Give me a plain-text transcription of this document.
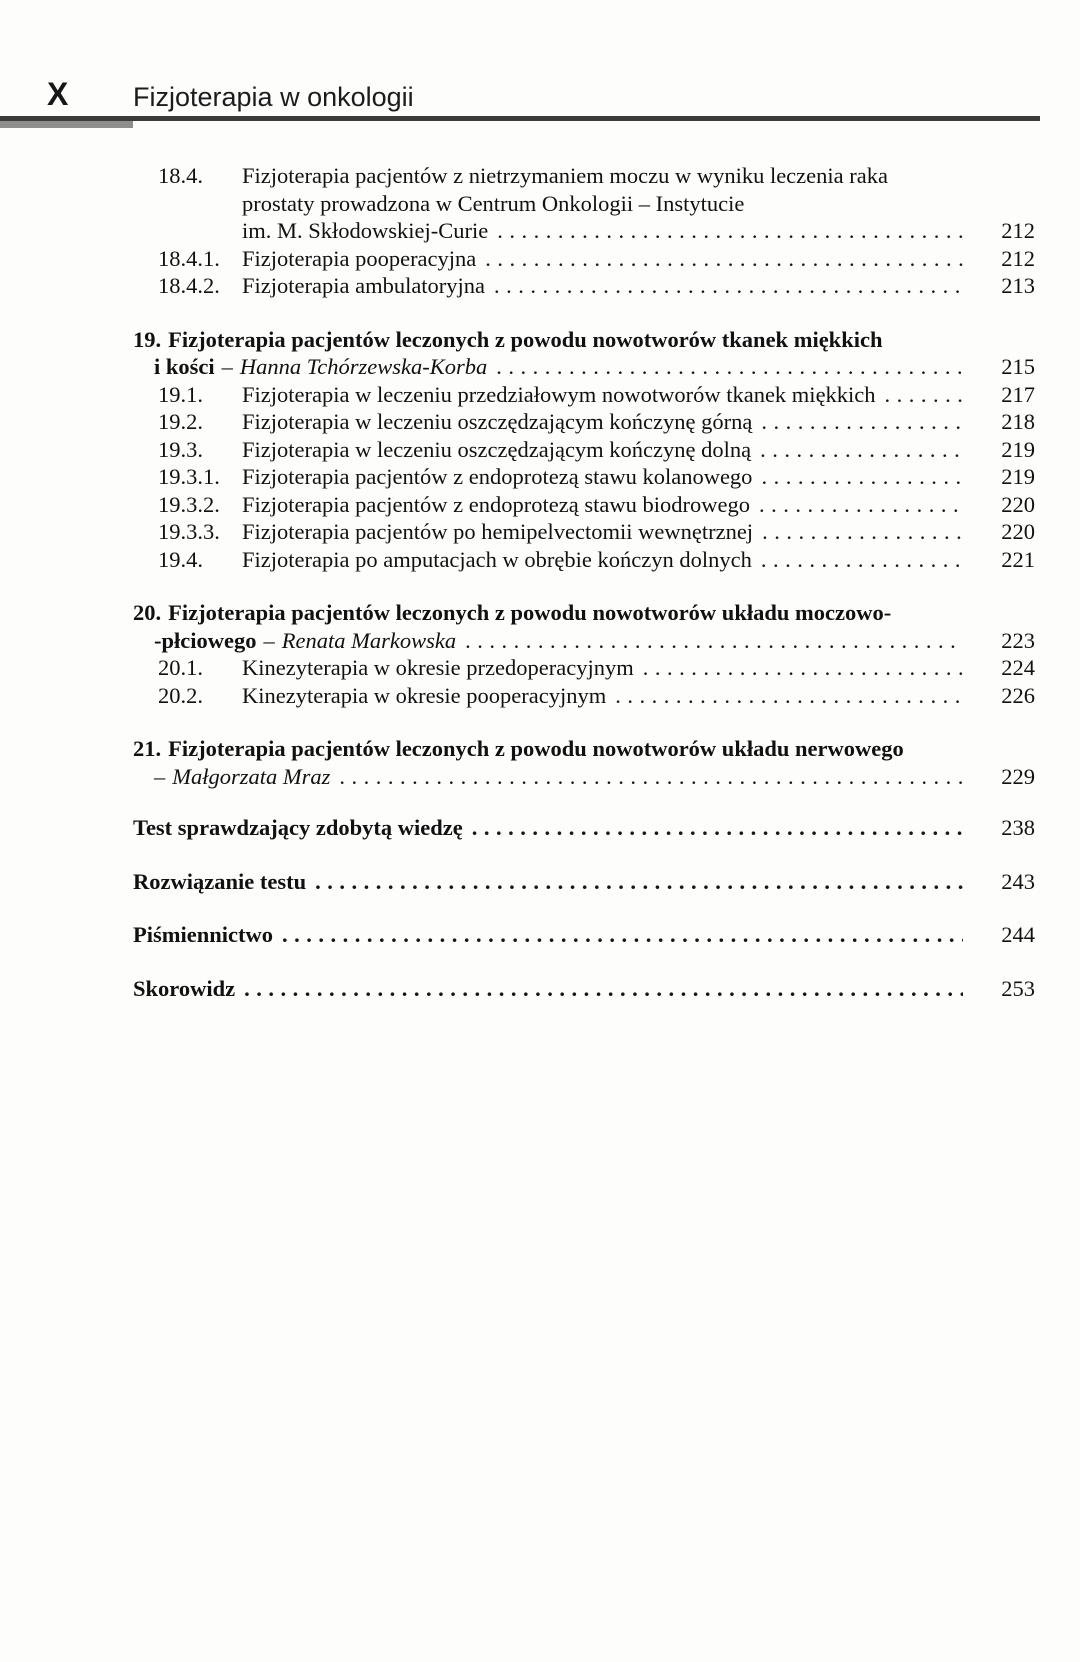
X Fizjoterapia w onkologii
18.4.	Fizjoterapia pacjentów z nietrzymaniem moczu w wyniku leczenia raka
prostaty prowadzona w Centrum Onkologii – Instytucie
im. M. Skłodowskiej-Curie .....	212
18.4.1. Fizjoterapia pooperacyjna .....	212
18.4.2. Fizjoterapia ambulatoryjna .....	213
19. Fizjoterapia pacjentów leczonych z powodu nowotworów tkanek miękkich
i kości – Hanna Tchórzewska-Korba .....	215
19.1.	Fizjoterapia w leczeniu przedziałowym nowotworów tkanek miękkich .....	217
19.2.	Fizjoterapia w leczeniu oszczędzającym kończynę górną .....	218
19.3.	Fizjoterapia w leczeniu oszczędzającym kończynę dolną .....	219
19.3.1. Fizjoterapia pacjentów z endoprotezą stawu kolanowego .....	219
19.3.2. Fizjoterapia pacjentów z endoprotezą stawu biodrowego .....	220
19.3.3. Fizjoterapia pacjentów po hemipelvectomii wewnętrznej .....	220
19.4.	Fizjoterapia po amputacjach w obrębie kończyn dolnych .....	221
20. Fizjoterapia pacjentów leczonych z powodu nowotworów układu moczowo-
-płciowego – Renata Markowska .....	223
20.1.	Kinezyterapia w okresie przedoperacyjnym .....	224
20.2.	Kinezyterapia w okresie pooperacyjnym .....	226
21. Fizjoterapia pacjentów leczonych z powodu nowotworów układu nerwowego
– Małgorzata Mraz .....	229
Test sprawdzający zdobytą wiedzę .....	238
Rozwiązanie testu .....	243
Piśmiennictwo .....	244
Skorowidz .....	253
